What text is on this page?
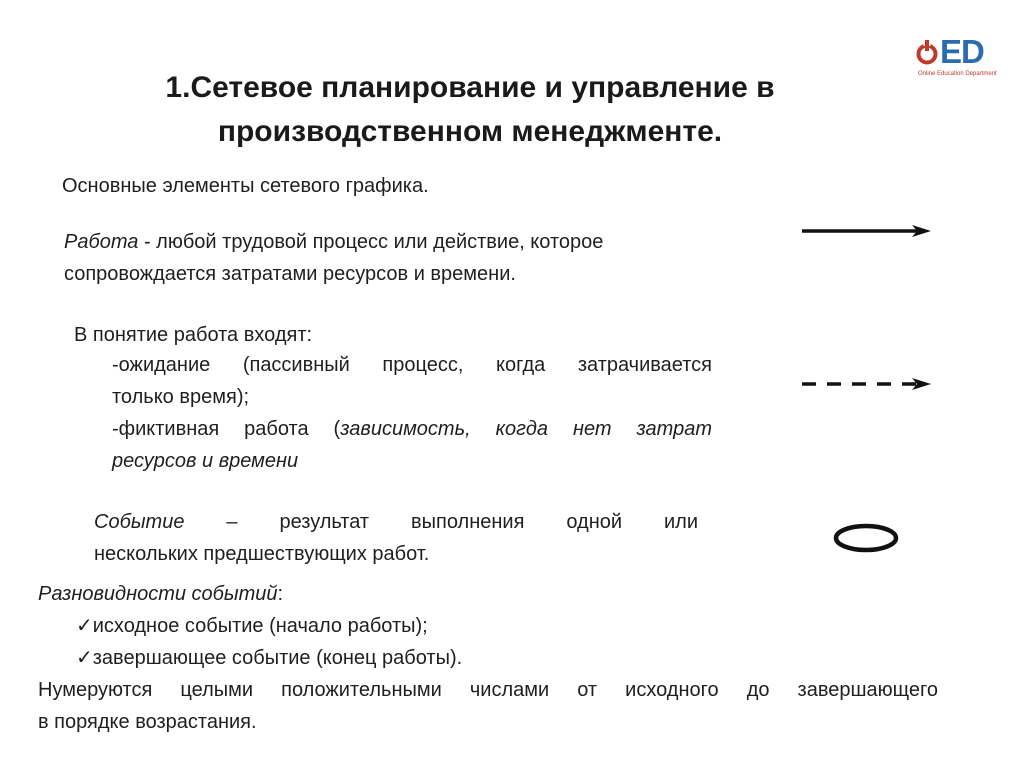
ED
Online Education Department
1.Сетевое планирование и управление в
производственном менеджменте.
Основные элементы сетевого графика.
Работа - любой трудовой процесс или действие, которое
сопровождается затратами ресурсов и времени.
В понятие работа входят:
-ожидание (пассивный процесс, когда затрачивается
только время);
-фиктивная работа (зависимость, когда нет затрат
ресурсов и времени
Событие – результат выполнения одной или
нескольких предшествующих работ.
Разновидности событий:
✓исходное событие (начало работы);
✓завершающее событие (конец работы).
Нумеруются целыми положительными числами от исходного до завершающего
в порядке возрастания.
